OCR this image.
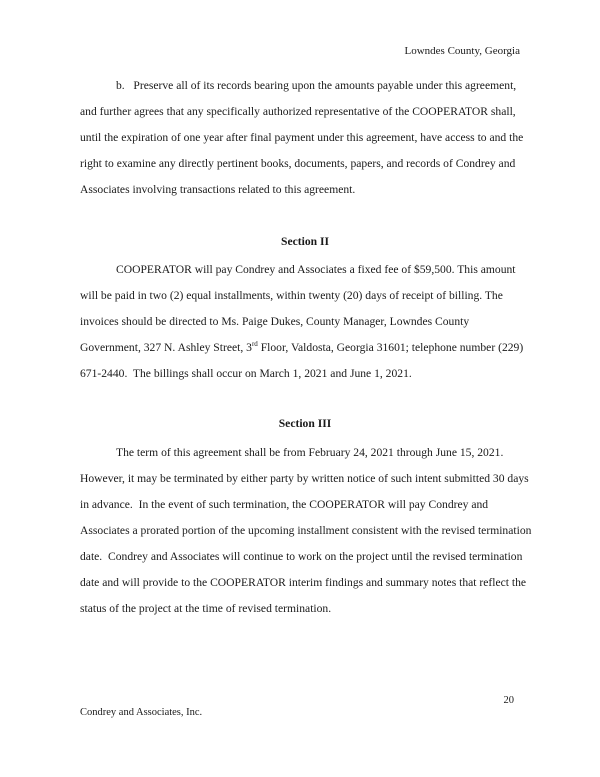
Lowndes County, Georgia

b.   Preserve all of its records bearing upon the amounts payable under this agreement,
and further agrees that any specifically authorized representative of the COOPERATOR shall,
until the expiration of one year after final payment under this agreement, have access to and the
right to examine any directly pertinent books, documents, papers, and records of Condrey and
Associates involving transactions related to this agreement.

Section II

COOPERATOR will pay Condrey and Associates a fixed fee of $59,500. This amount
will be paid in two (2) equal installments, within twenty (20) days of receipt of billing. The
invoices should be directed to Ms. Paige Dukes, County Manager, Lowndes County
Government, 327 N. Ashley Street, 3rd Floor, Valdosta, Georgia 31601; telephone number (229)
671-2440.  The billings shall occur on March 1, 2021 and June 1, 2021.

Section III

The term of this agreement shall be from February 24, 2021 through June 15, 2021.
However, it may be terminated by either party by written notice of such intent submitted 30 days
in advance.  In the event of such termination, the COOPERATOR will pay Condrey and
Associates a prorated portion of the upcoming installment consistent with the revised termination
date.  Condrey and Associates will continue to work on the project until the revised termination
date and will provide to the COOPERATOR interim findings and summary notes that reflect the
status of the project at the time of revised termination.

20
Condrey and Associates, Inc.
